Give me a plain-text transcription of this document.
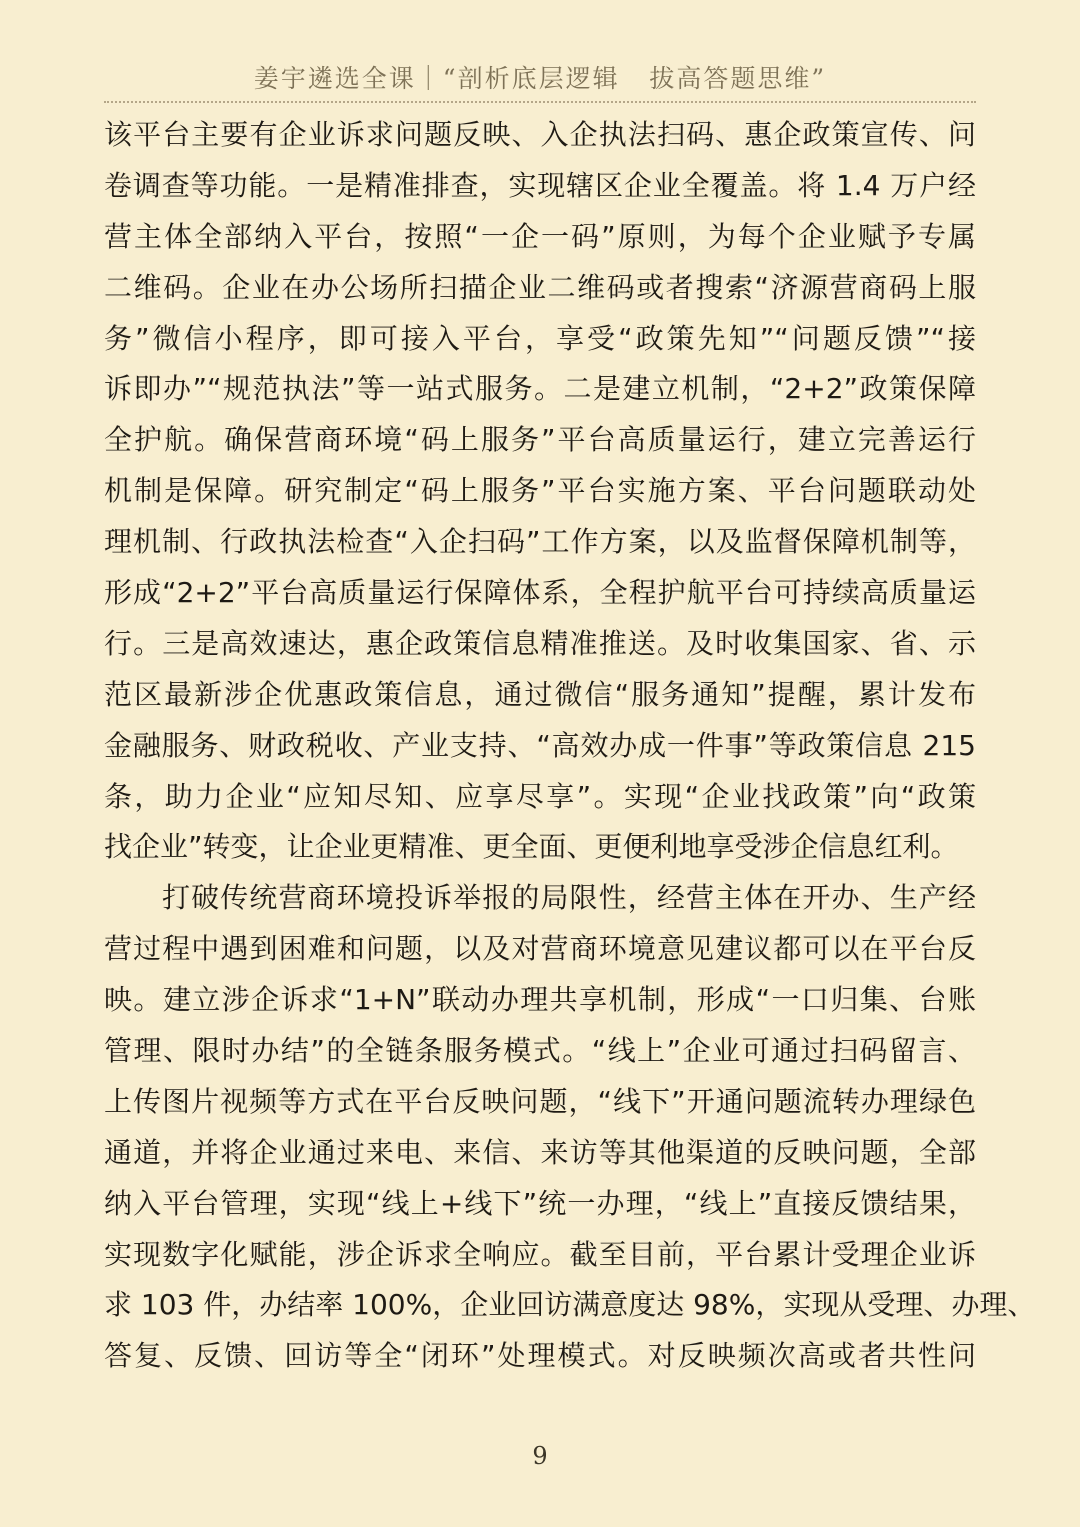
姜宇遴选全课｜“剖析底层逻辑   拔高答题思维”
该平台主要有企业诉求问题反映、入企执法扫码、惠企政策宣传、问
卷调查等功能。一是精准排查，实现辖区企业全覆盖。将 1.4 万户经
营主体全部纳入平台，按照“一企一码”原则，为每个企业赋予专属
二维码。企业在办公场所扫描企业二维码或者搜索“济源营商码上服
务”微信小程序，即可接入平台，享受“政策先知”“问题反馈”“接
诉即办”“规范执法”等一站式服务。二是建立机制，“2+2”政策保障
全护航。确保营商环境“码上服务”平台高质量运行，建立完善运行
机制是保障。研究制定“码上服务”平台实施方案、平台问题联动处
理机制、行政执法检查“入企扫码”工作方案，以及监督保障机制等，
形成“2+2”平台高质量运行保障体系，全程护航平台可持续高质量运
行。三是高效速达，惠企政策信息精准推送。及时收集国家、省、示
范区最新涉企优惠政策信息，通过微信“服务通知”提醒，累计发布
金融服务、财政税收、产业支持、“高效办成一件事”等政策信息 215
条，助力企业“应知尽知、应享尽享”。实现“企业找政策”向“政策
找企业”转变，让企业更精准、更全面、更便利地享受涉企信息红利。
打破传统营商环境投诉举报的局限性，经营主体在开办、生产经
营过程中遇到困难和问题，以及对营商环境意见建议都可以在平台反
映。建立涉企诉求“1+N”联动办理共享机制，形成“一口归集、台账
管理、限时办结”的全链条服务模式。“线上”企业可通过扫码留言、
上传图片视频等方式在平台反映问题，“线下”开通问题流转办理绿色
通道，并将企业通过来电、来信、来访等其他渠道的反映问题，全部
纳入平台管理，实现“线上+线下”统一办理，“线上”直接反馈结果，
实现数字化赋能，涉企诉求全响应。截至目前，平台累计受理企业诉
求 103 件，办结率 100%，企业回访满意度达 98%，实现从受理、办理、
答复、反馈、回访等全“闭环”处理模式。对反映频次高或者共性问
9
